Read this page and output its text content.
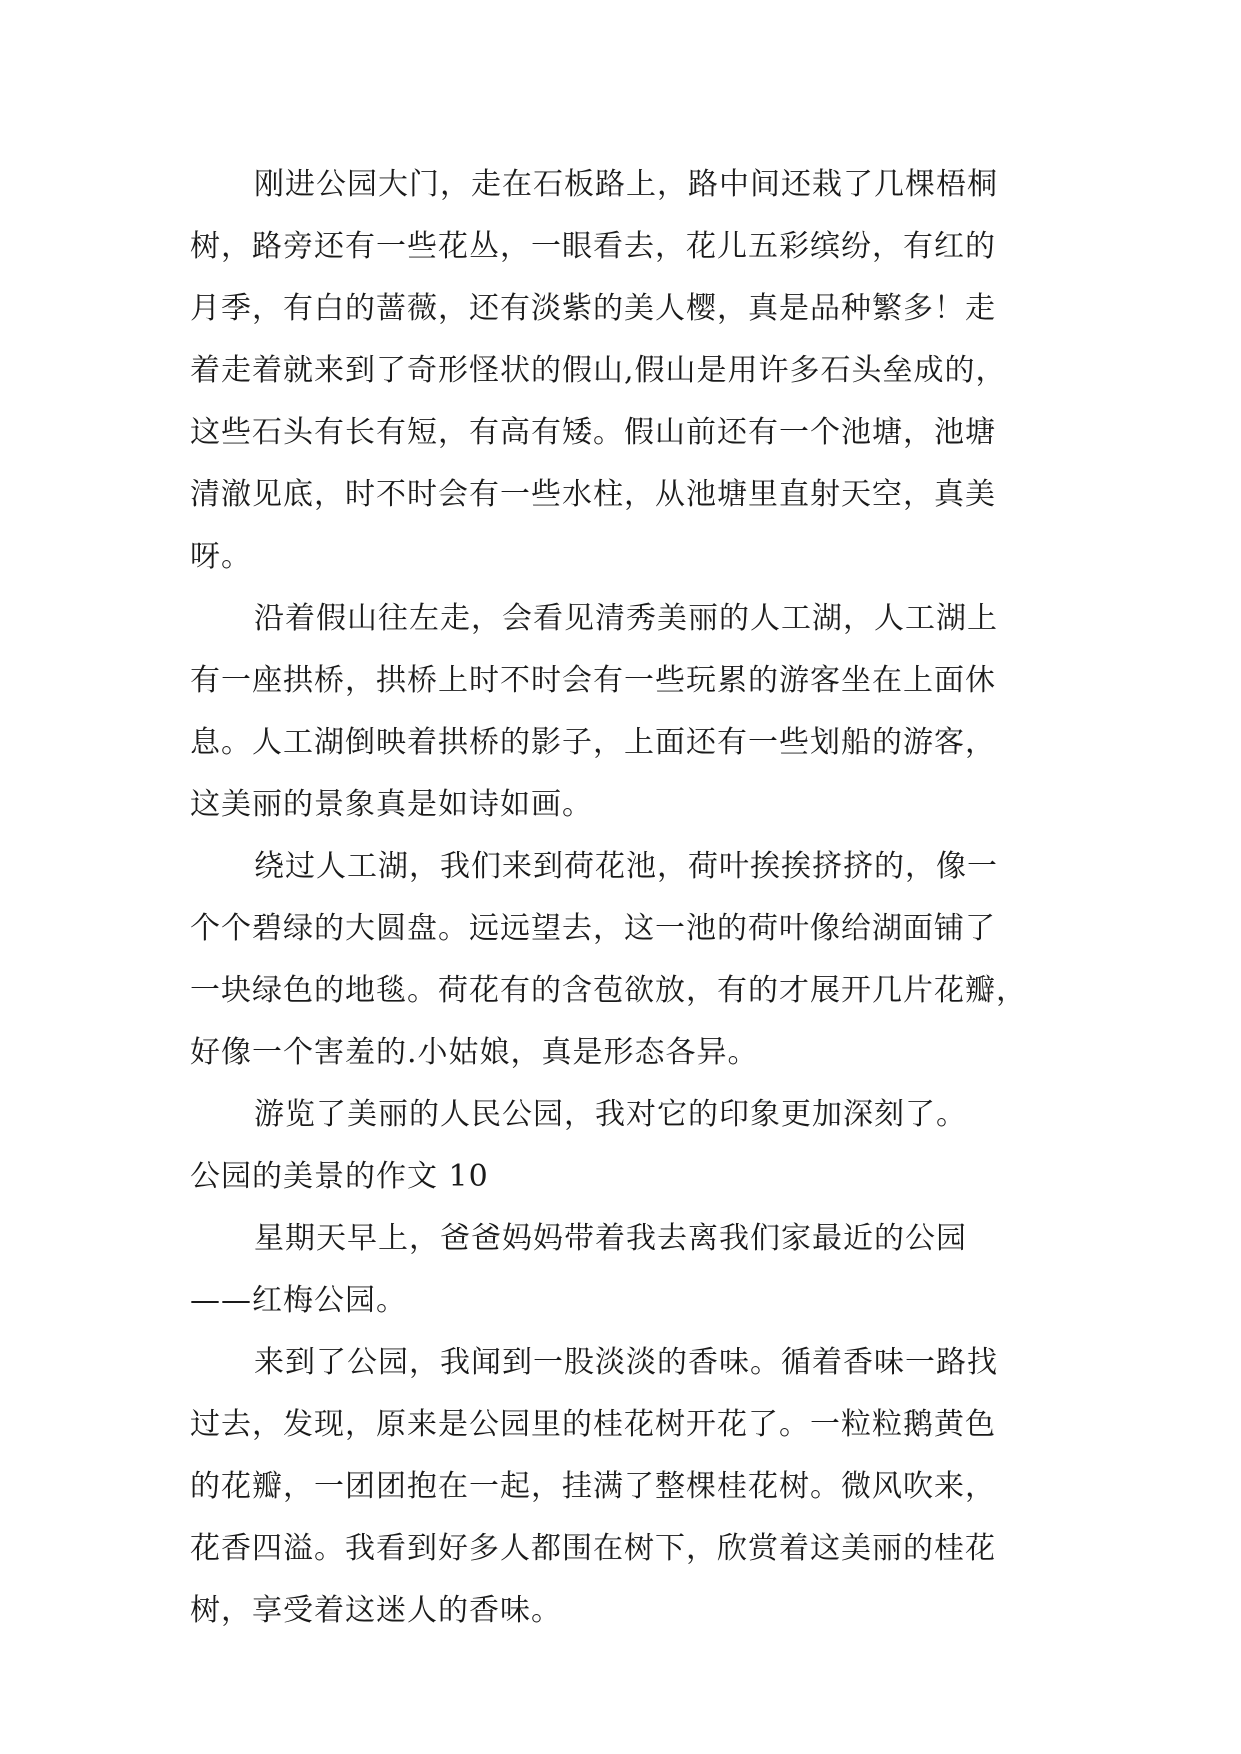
刚进公园大门，走在石板路上，路中间还栽了几棵梧桐
树，路旁还有一些花丛，一眼看去，花儿五彩缤纷，有红的
月季，有白的蔷薇，还有淡紫的美人樱，真是品种繁多！走
着走着就来到了奇形怪状的假山,假山是用许多石头垒成的，
这些石头有长有短，有高有矮。假山前还有一个池塘，池塘
清澈见底，时不时会有一些水柱，从池塘里直射天空，真美
呀。
沿着假山往左走，会看见清秀美丽的人工湖，人工湖上
有一座拱桥，拱桥上时不时会有一些玩累的游客坐在上面休
息。人工湖倒映着拱桥的影子，上面还有一些划船的游客，
这美丽的景象真是如诗如画。
绕过人工湖，我们来到荷花池，荷叶挨挨挤挤的，像一
个个碧绿的大圆盘。远远望去，这一池的荷叶像给湖面铺了
一块绿色的地毯。荷花有的含苞欲放，有的才展开几片花瓣，
好像一个害羞的.小姑娘，真是形态各异。
游览了美丽的人民公园，我对它的印象更加深刻了。
公园的美景的作文 10
星期天早上，爸爸妈妈带着我去离我们家最近的公园
——红梅公园。
来到了公园，我闻到一股淡淡的香味。循着香味一路找
过去，发现，原来是公园里的桂花树开花了。一粒粒鹅黄色
的花瓣，一团团抱在一起，挂满了整棵桂花树。微风吹来，
花香四溢。我看到好多人都围在树下，欣赏着这美丽的桂花
树，享受着这迷人的香味。
